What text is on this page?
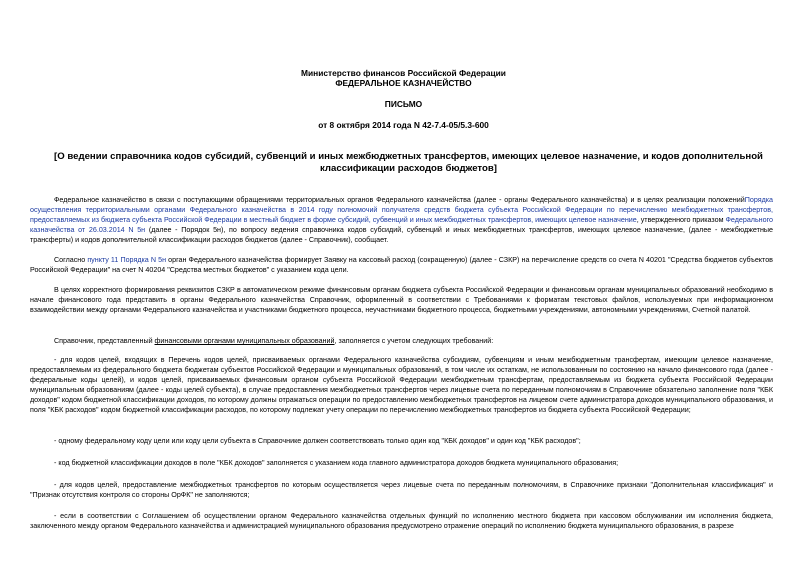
Министерство финансов Российской Федерации
ФЕДЕРАЛЬНОЕ КАЗНАЧЕЙСТВО
ПИСЬМО
от 8 октября 2014 года N 42-7.4-05/5.3-600
[О ведении справочника кодов субсидий, субвенций и иных межбюджетных трансфертов, имеющих целевое назначение, и кодов дополнительной классификации расходов бюджетов]
Федеральное казначейство в связи с поступающими обращениями территориальных органов Федерального казначейства (далее - органы Федерального казначейства) и в целях реализации положенийПорядка осуществления территориальными органами Федерального казначейства в 2014 году полномочий получателя средств бюджета субъекта Российской Федерации по перечислению межбюджетных трансфертов, предоставляемых из бюджета субъекта Российской Федерации в местный бюджет в форме субсидий, субвенций и иных межбюджетных трансфертов, имеющих целевое назначение, утвержденного приказом Федерального казначейства от 26.03.2014 N 5н (далее - Порядок 5н), по вопросу ведения справочника кодов субсидий, субвенций и иных межбюджетных трансфертов, имеющих целевое назначение, (далее - межбюджетные трансферты) и кодов дополнительной классификации расходов бюджетов (далее - Справочник), сообщает.
Согласно пункту 11 Порядка N 5н орган Федерального казначейства формирует Заявку на кассовый расход (сокращенную) (далее - СЗКР) на перечисление средств со счета N 40201 "Средства бюджетов субъектов Российской Федерации" на счет N 40204 "Средства местных бюджетов" с указанием кода цели.
В целях корректного формирования реквизитов СЗКР в автоматическом режиме финансовым органам бюджета субъекта Российской Федерации и финансовым органам муниципальных образований необходимо в начале финансового года представить в органы Федерального казначейства Справочник, оформленный в соответствии с Требованиями к форматам текстовых файлов, используемых при информационном взаимодействии между органами Федерального казначейства и участниками бюджетного процесса, неучастниками бюджетного процесса, бюджетными учреждениями, автономными учреждениями, Счетной палатой.
Справочник, представленный финансовыми органами муниципальных образований, заполняется с учетом следующих требований:
- для кодов целей, входящих в Перечень кодов целей, присваиваемых органами Федерального казначейства субсидиям, субвенциям и иным межбюджетным трансфертам, имеющим целевое назначение, предоставляемым из федерального бюджета бюджетам субъектов Российской Федерации и муниципальных образований, в том числе их остаткам, не использованным по состоянию на начало финансового года (далее - федеральные коды целей), и кодов целей, присваиваемых финансовым органом субъекта Российской Федерации межбюджетным трансфертам, предоставляемым из бюджета субъекта Российской Федерации муниципальным образованиям (далее - коды целей субъекта), в случае предоставления межбюджетных трансфертов через лицевые счета по переданным полномочиям в Справочнике обязательно заполнение поля "КБК доходов" кодом бюджетной классификации доходов, по которому должны отражаться операции по предоставлению межбюджетных трансфертов на лицевом счете администратора доходов муниципального образования, и поля "КБК расходов" кодом бюджетной классификации расходов, по которому подлежат учету операции по перечислению межбюджетных трансфертов из бюджета субъекта Российской Федерации;
- одному федеральному коду цели или коду цели субъекта в Справочнике должен соответствовать только один код "КБК доходов" и один код "КБК расходов";
- код бюджетной классификации доходов в поле "КБК доходов" заполняется с указанием кода главного администратора доходов бюджета муниципального образования;
- для кодов целей, предоставление межбюджетных трансфертов по которым осуществляется через лицевые счета по переданным полномочиям, в Справочнике признаки "Дополнительная классификация" и "Признак отсутствия контроля со стороны ОрФК" не заполняются;
- если в соответствии с Соглашением об осуществлении органом Федерального казначейства отдельных функций по исполнению местного бюджета при кассовом обслуживании им исполнения бюджета, заключенного между органом Федерального казначейства и администрацией муниципального образования предусмотрено отражение операций по исполнению бюджета муниципального образования, в разрезе
